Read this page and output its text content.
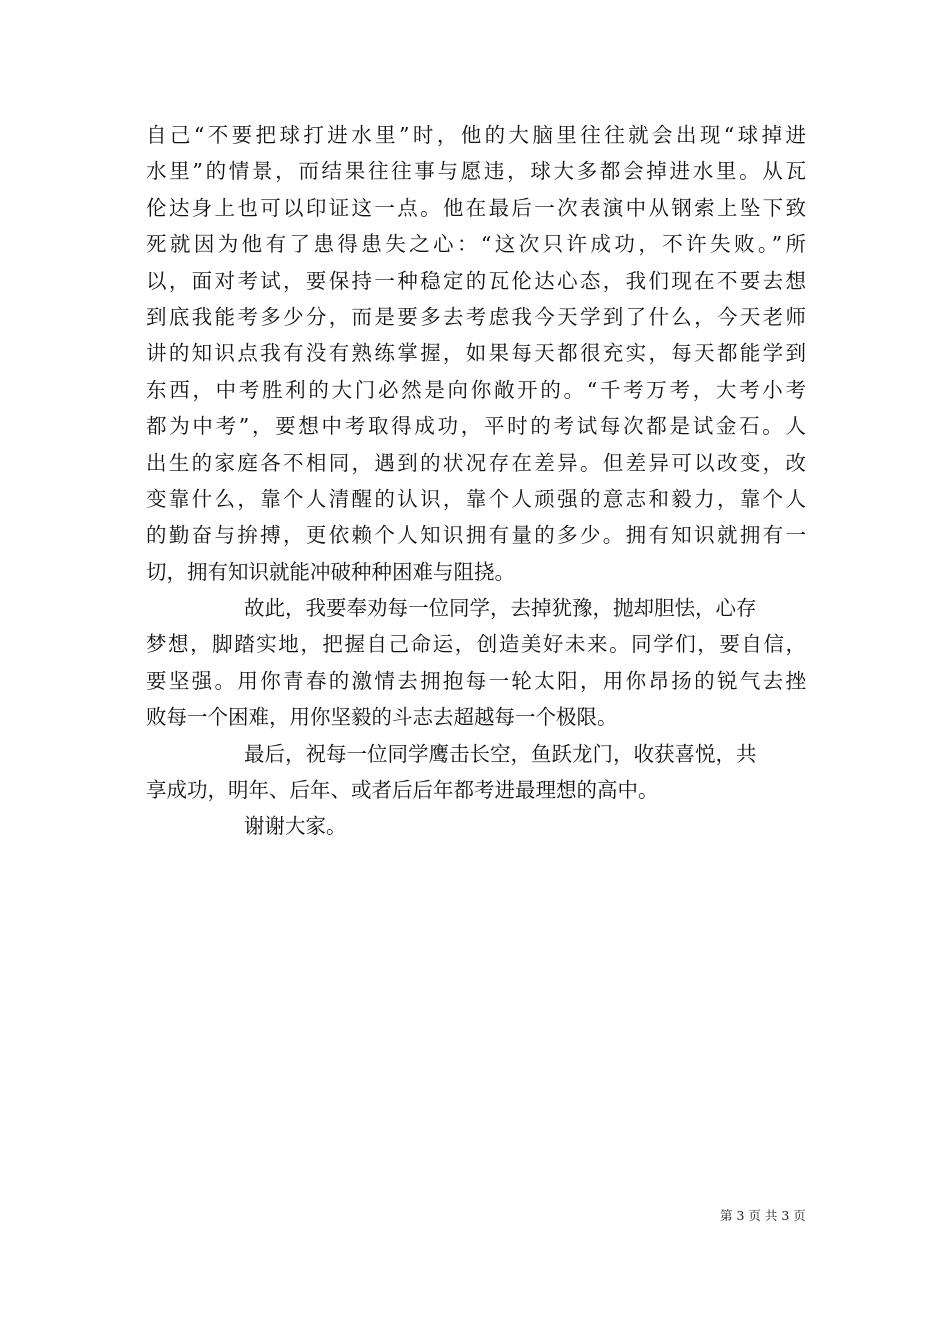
自己“不要把球打进水里”时，他的大脑里往往就会出现“球掉进
水里”的情景，而结果往往事与愿违，球大多都会掉进水里。从瓦
伦达身上也可以印证这一点。他在最后一次表演中从钢索上坠下致
死就因为他有了患得患失之心：“这次只许成功，不许失败。”所
以，面对考试，要保持一种稳定的瓦伦达心态，我们现在不要去想
到底我能考多少分，而是要多去考虑我今天学到了什么，今天老师
讲的知识点我有没有熟练掌握，如果每天都很充实，每天都能学到
东西，中考胜利的大门必然是向你敞开的。“千考万考，大考小考
都为中考”，要想中考取得成功，平时的考试每次都是试金石。人
出生的家庭各不相同，遇到的状况存在差异。但差异可以改变，改
变靠什么，靠个人清醒的认识，靠个人顽强的意志和毅力，靠个人
的勤奋与拚搏，更依赖个人知识拥有量的多少。拥有知识就拥有一
切，拥有知识就能冲破种种困难与阻挠。
故此，我要奉劝每一位同学，去掉犹豫，抛却胆怯，心存
梦想，脚踏实地，把握自己命运，创造美好未来。同学们，要自信，
要坚强。用你青春的激情去拥抱每一轮太阳，用你昂扬的锐气去挫
败每一个困难，用你坚毅的斗志去超越每一个极限。
最后，祝每一位同学鹰击长空，鱼跃龙门，收获喜悦，共
享成功，明年、后年、或者后后年都考进最理想的高中。
谢谢大家。
第 3 页 共 3 页
